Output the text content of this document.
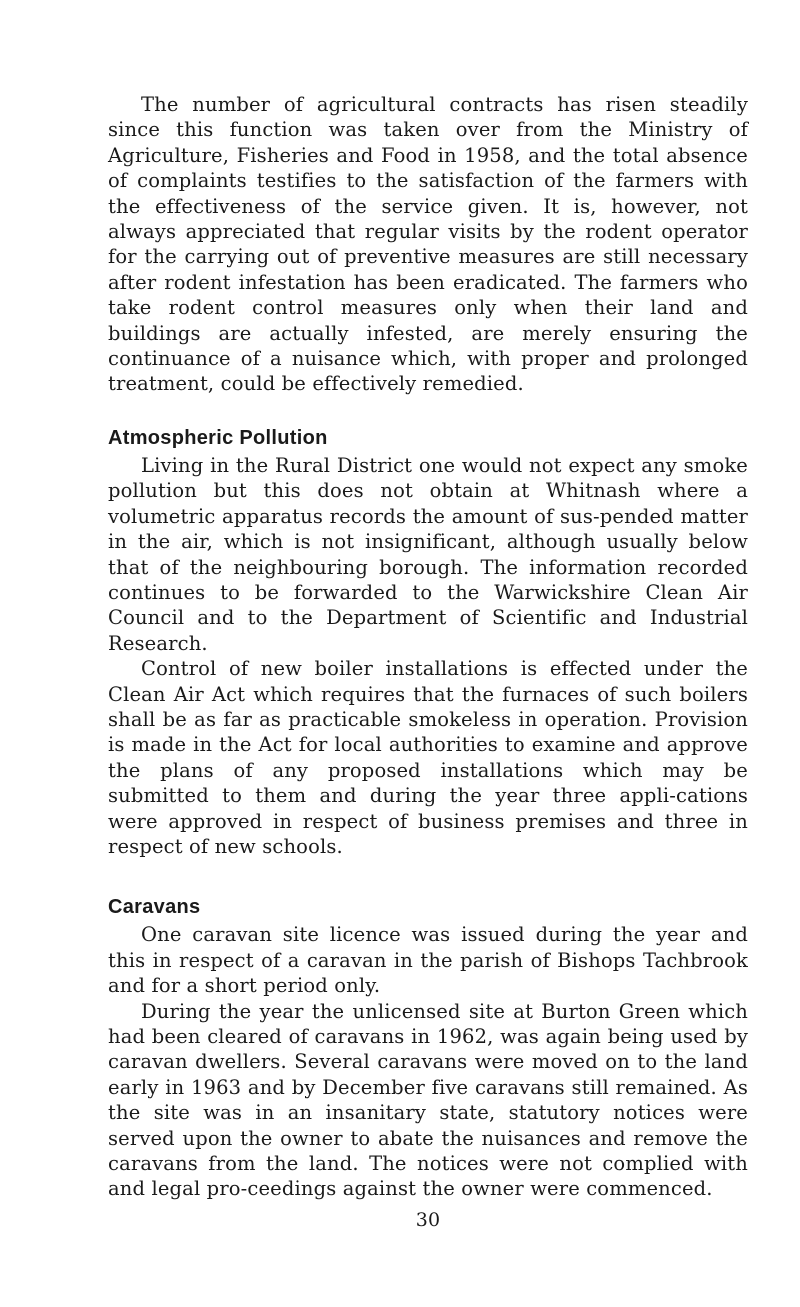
The number of agricultural contracts has risen steadily since this function was taken over from the Ministry of Agriculture, Fisheries and Food in 1958, and the total absence of complaints testifies to the satisfaction of the farmers with the effectiveness of the service given. It is, however, not always appreciated that regular visits by the rodent operator for the carrying out of preventive measures are still necessary after rodent infestation has been eradicated. The farmers who take rodent control measures only when their land and buildings are actually infested, are merely ensuring the continuance of a nuisance which, with proper and prolonged treatment, could be effectively remedied.

Atmospheric Pollution

Living in the Rural District one would not expect any smoke pollution but this does not obtain at Whitnash where a volumetric apparatus records the amount of sus-pended matter in the air, which is not insignificant, although usually below that of the neighbouring borough. The information recorded continues to be forwarded to the Warwickshire Clean Air Council and to the Department of Scientific and Industrial Research.

Control of new boiler installations is effected under the Clean Air Act which requires that the furnaces of such boilers shall be as far as practicable smokeless in operation. Provision is made in the Act for local authorities to examine and approve the plans of any proposed installations which may be submitted to them and during the year three appli-cations were approved in respect of business premises and three in respect of new schools.

Caravans

One caravan site licence was issued during the year and this in respect of a caravan in the parish of Bishops Tachbrook and for a short period only.

During the year the unlicensed site at Burton Green which had been cleared of caravans in 1962, was again being used by caravan dwellers. Several caravans were moved on to the land early in 1963 and by December five caravans still remained. As the site was in an insanitary state, statutory notices were served upon the owner to abate the nuisances and remove the caravans from the land. The notices were not complied with and legal pro-ceedings against the owner were commenced.

30
